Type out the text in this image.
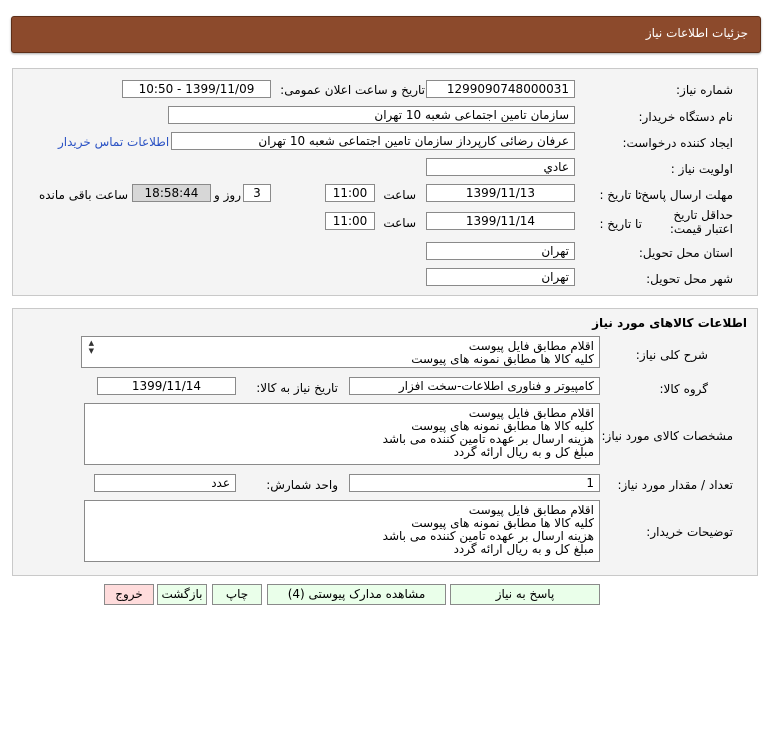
جزئیات اطلاعات نیاز
شماره نیاز:
1299090748000031
تاریخ و ساعت اعلان عمومی:
1399/11/09 - 10:50
نام دستگاه خریدار:
سازمان تامین اجتماعی شعبه 10 تهران
ایجاد کننده درخواست:
عرفان رضائی کارپرداز سازمان تامین اجتماعی شعبه 10 تهران
اطلاعات تماس خریدار
اولویت نیاز :
عادي
مهلت ارسال پاسخ:
تا تاریخ :
1399/11/13
ساعت
11:00
3
روز و
18:58:44
ساعت باقی مانده
حداقل تاریخ اعتبار قیمت:
تا تاریخ :
1399/11/14
ساعت
11:00
استان محل تحویل:
تهران
شهر محل تحویل:
تهران
اطلاعات کالاهای مورد نیاز
شرح کلی نیاز:
اقلام مطابق فایل پیوست
کلیه کالا ها مطابق نمونه های پیوست
▲
▼
گروه کالا:
کامپیوتر و فناوری اطلاعات-سخت افزار
تاریخ نیاز به کالا:
1399/11/14
مشخصات کالای مورد نیاز:
اقلام مطابق فایل پیوست
کلیه کالا ها مطابق نمونه های پیوست
هزینه ارسال بر عهده تامین کننده می باشد
مبلغ کل و به ریال ارائه گردد
تعداد / مقدار مورد نیاز:
1
واحد شمارش:
عدد
توضیحات خریدار:
اقلام مطابق فایل پیوست
کلیه کالا ها مطابق نمونه های پیوست
هزینه ارسال بر عهده تامین کننده می باشد
مبلغ کل و به ریال ارائه گردد
پاسخ به نیاز
مشاهده مدارک پیوستی (4)
چاپ
بازگشت
خروج
